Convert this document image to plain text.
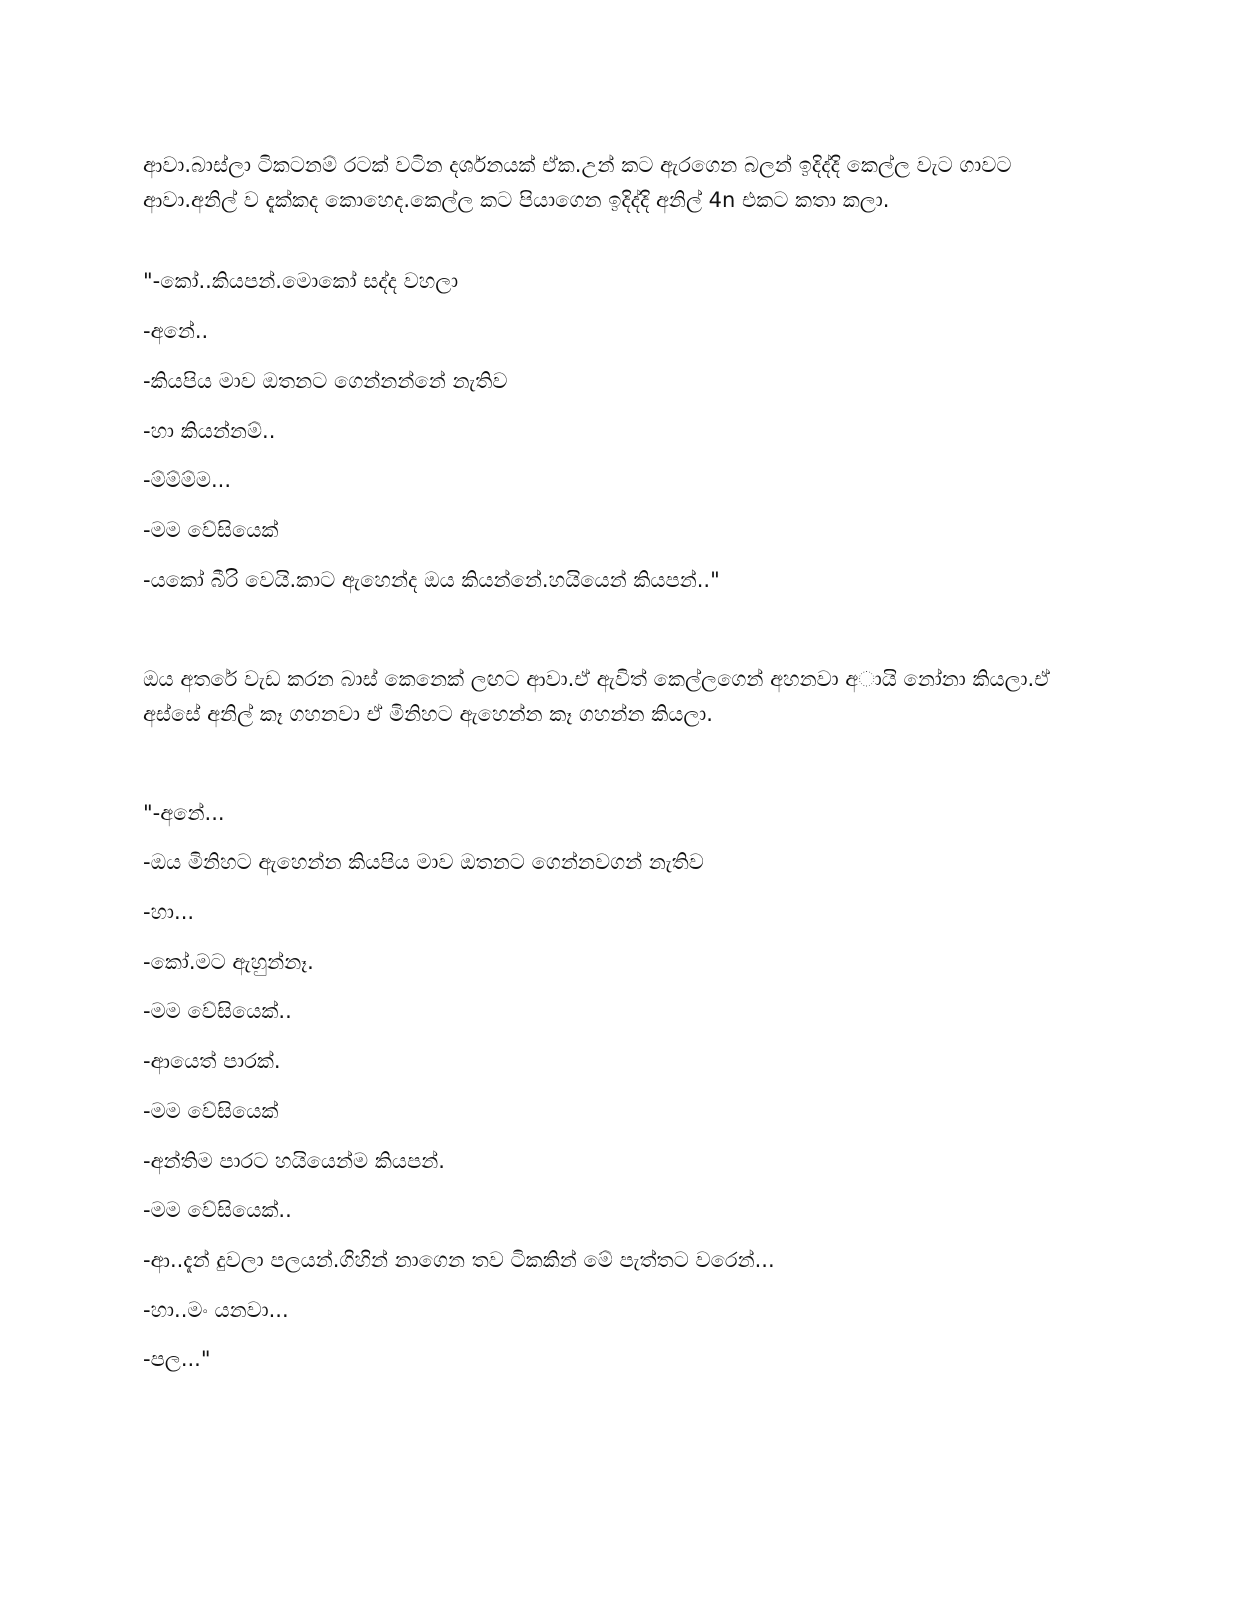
ආවා.බාස්ලා ටිකටනම් රටක් වටින දර්ශනයක් ඒක.උන් කට ඇරගෙන බලන් ඉදිද්දි කෙල්ල වැට ගාවට ආවා.අනිල් ව දැක්කද කොහෙද.කෙල්ල කට පියාගෙන ඉදිද්දි අනිල් 4n එකට කතා කලා.

"-කෝ..කියපන්.මොකෝ සද්ද වහලා

-අනේ..

-කියපිය මාව ඔතනට ගෙන්නන්නේ නැතිව

-හා කියන්නම්..

-ම්ම්ම්ම...

-මම වේසියෙක්

-යකෝ බීරි වෙයි.කාට ඇහෙන්ද ඔය කියන්නේ.හයියෙන් කියපන්.."

ඔය අතරේ වැඩ කරන බාස් කෙනෙක් ලඟට ආවා.ඒ ඇවිත් කෙල්ලගෙන් අහනවා අායි නෝනා කියලා.ඒ අස්සේ අනිල් කෑ ගහනවා ඒ මිනිහට ඇහෙන්න කෑ ගහන්න කියලා.

"-අනේ...

-ඔය මිනිහට ඇහෙන්න කියපිය මාව ඔතනට ගෙන්නවගන් නැතිව

-හා...

-කෝ.මට ඇහුන්නෑ.

-මම වේසියෙක්..

-ආයෙත් පාරක්.

-මම වේසියෙක්

-අන්තිම පාරට හයියෙන්ම කියපන්.

-මම වේසියෙක්..

-ආ..දැන් දුවලා පලයන්.ගිහින් නාගෙන තව ටිකකින් මේ පැත්තට වරෙන්...

-හා..මං යනවා...

-පල..."
